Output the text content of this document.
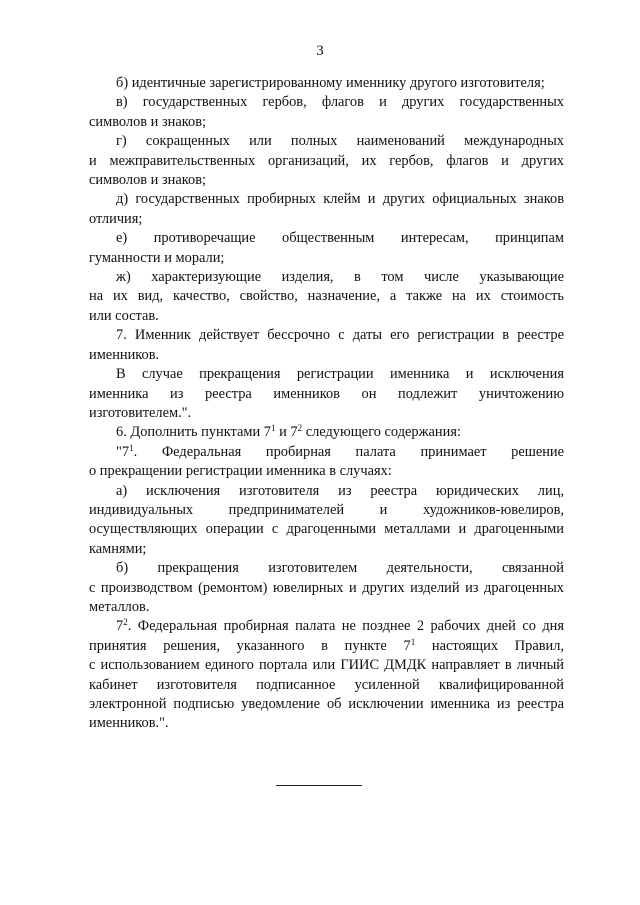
3

б) идентичные зарегистрированному именнику другого изготовителя;

в) государственных гербов, флагов и других государственных
символов и знаков;

г) сокращенных или полных наименований международных
и межправительственных организаций, их гербов, флагов и других
символов и знаков;

д) государственных пробирных клейм и других официальных знаков
отличия;

е) противоречащие общественным интересам, принципам
гуманности и морали;

ж) характеризующие изделия, в том числе указывающие
на их вид, качество, свойство, назначение, а также на их стоимость
или состав.

7. Именник действует бессрочно с даты его регистрации в реестре
именников.

В случае прекращения регистрации именника и исключения
именника из реестра именников он подлежит уничтожению
изготовителем.".

6. Дополнить пунктами $7^1$ и $7^2$ следующего содержания:

"$7^1$. Федеральная пробирная палата принимает решение
о прекращении регистрации именника в случаях:

а) исключения изготовителя из реестра юридических лиц,
индивидуальных предпринимателей и художников-ювелиров,
осуществляющих операции с драгоценными металлами и драгоценными
камнями;

б) прекращения изготовителем деятельности, связанной
с производством (ремонтом) ювелирных и других изделий из драгоценных
металлов.

$7^2$. Федеральная пробирная палата не позднее 2 рабочих дней со дня
принятия решения, указанного в пункте $7^1$ настоящих Правил,
с использованием единого портала или ГИИС ДМДК направляет в личный
кабинет изготовителя подписанное усиленной квалифицированной
электронной подписью уведомление об исключении именника из реестра
именников.".
